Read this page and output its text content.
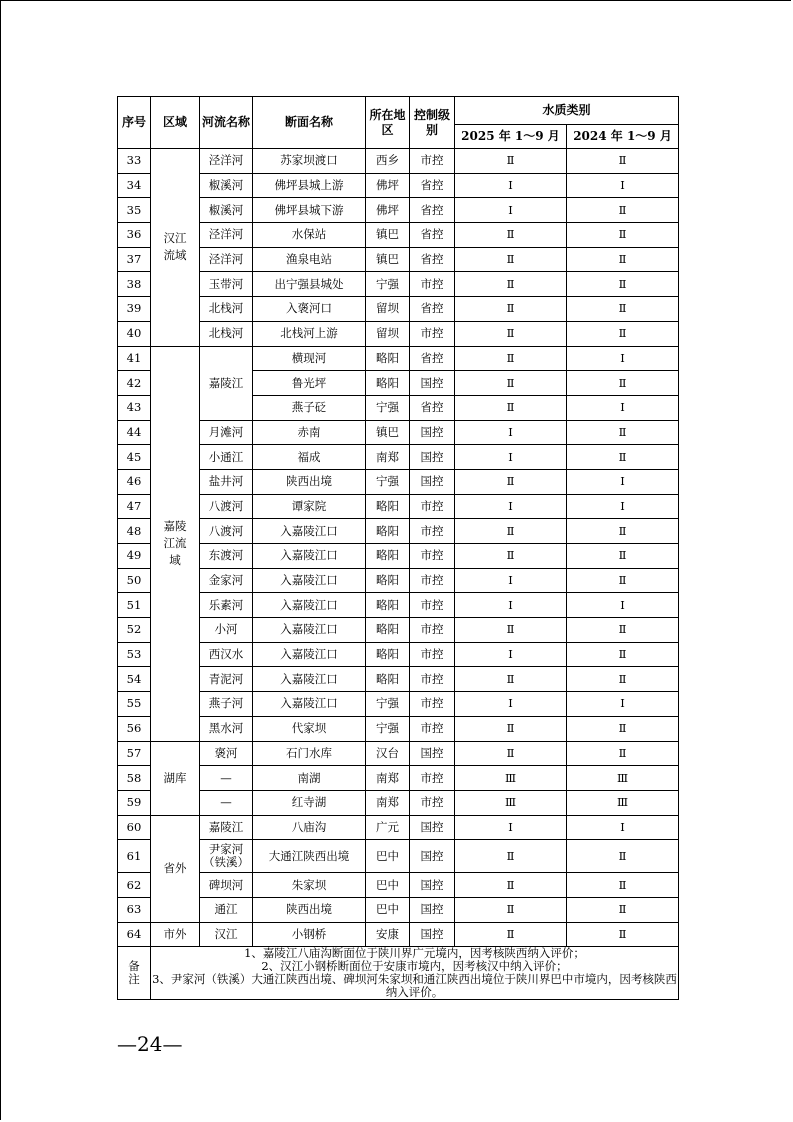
序号	区域	河流名称	断面名称	所在地区	控制级别	水质类别	
						2025 年 1～9 月	2024 年 1～9 月
33	汉江流域	泾洋河	苏家坝渡口	西乡	市控	Ⅱ	Ⅱ
34		椒溪河	佛坪县城上游	佛坪	省控	Ⅰ	Ⅰ
35		椒溪河	佛坪县城下游	佛坪	省控	Ⅰ	Ⅱ
36		泾洋河	水保站	镇巴	省控	Ⅱ	Ⅱ
37		泾洋河	渔泉电站	镇巴	省控	Ⅱ	Ⅱ
38		玉带河	出宁强县城处	宁强	市控	Ⅱ	Ⅱ
39		北栈河	入褒河口	留坝	省控	Ⅱ	Ⅱ
40		北栈河	北栈河上游	留坝	市控	Ⅱ	Ⅱ
41	嘉陵江流域	嘉陵江	横现河	略阳	省控	Ⅱ	Ⅰ
42			鲁光坪	略阳	国控	Ⅱ	Ⅱ
43			燕子砭	宁强	省控	Ⅱ	Ⅰ
44		月滩河	赤南	镇巴	国控	Ⅰ	Ⅱ
45		小通江	福成	南郑	国控	Ⅰ	Ⅱ
46		盐井河	陕西出境	宁强	国控	Ⅱ	Ⅰ
47		八渡河	谭家院	略阳	市控	Ⅰ	Ⅰ
48		八渡河	入嘉陵江口	略阳	市控	Ⅱ	Ⅱ
49		东渡河	入嘉陵江口	略阳	市控	Ⅱ	Ⅱ
50		金家河	入嘉陵江口	略阳	市控	Ⅰ	Ⅱ
51		乐素河	入嘉陵江口	略阳	市控	Ⅰ	Ⅰ
52		小河	入嘉陵江口	略阳	市控	Ⅱ	Ⅱ
53		西汉水	入嘉陵江口	略阳	市控	Ⅰ	Ⅱ
54		青泥河	入嘉陵江口	略阳	市控	Ⅱ	Ⅱ
55		燕子河	入嘉陵江口	宁强	市控	Ⅰ	Ⅰ
56		黑水河	代家坝	宁强	市控	Ⅱ	Ⅱ
57	湖库	褒河	石门水库	汉台	国控	Ⅱ	Ⅱ
58		—	南湖	南郑	市控	Ⅲ	Ⅲ
59		—	红寺湖	南郑	市控	Ⅲ	Ⅲ
60	省外	嘉陵江	八庙沟	广元	国控	Ⅰ	Ⅰ
61		尹家河
（铁溪）	大通江陕西出境	巴中	国控	Ⅱ	Ⅱ
62		碑坝河	朱家坝	巴中	国控	Ⅱ	Ⅱ
63		通江	陕西出境	巴中	国控	Ⅱ	Ⅱ
64	市外	汉江	小钢桥	安康	国控	Ⅱ	Ⅱ
备注	1、嘉陵江八庙沟断面位于陕川界广元境内，因考核陕西纳入评价；
2、汉江小钢桥断面位于安康市境内，因考核汉中纳入评价；
3、尹家河（铁溪）大通江陕西出境、碑坝河朱家坝和通江陕西出境位于陕川界巴中市境内，因考核陕西纳入评价。						
—24—
